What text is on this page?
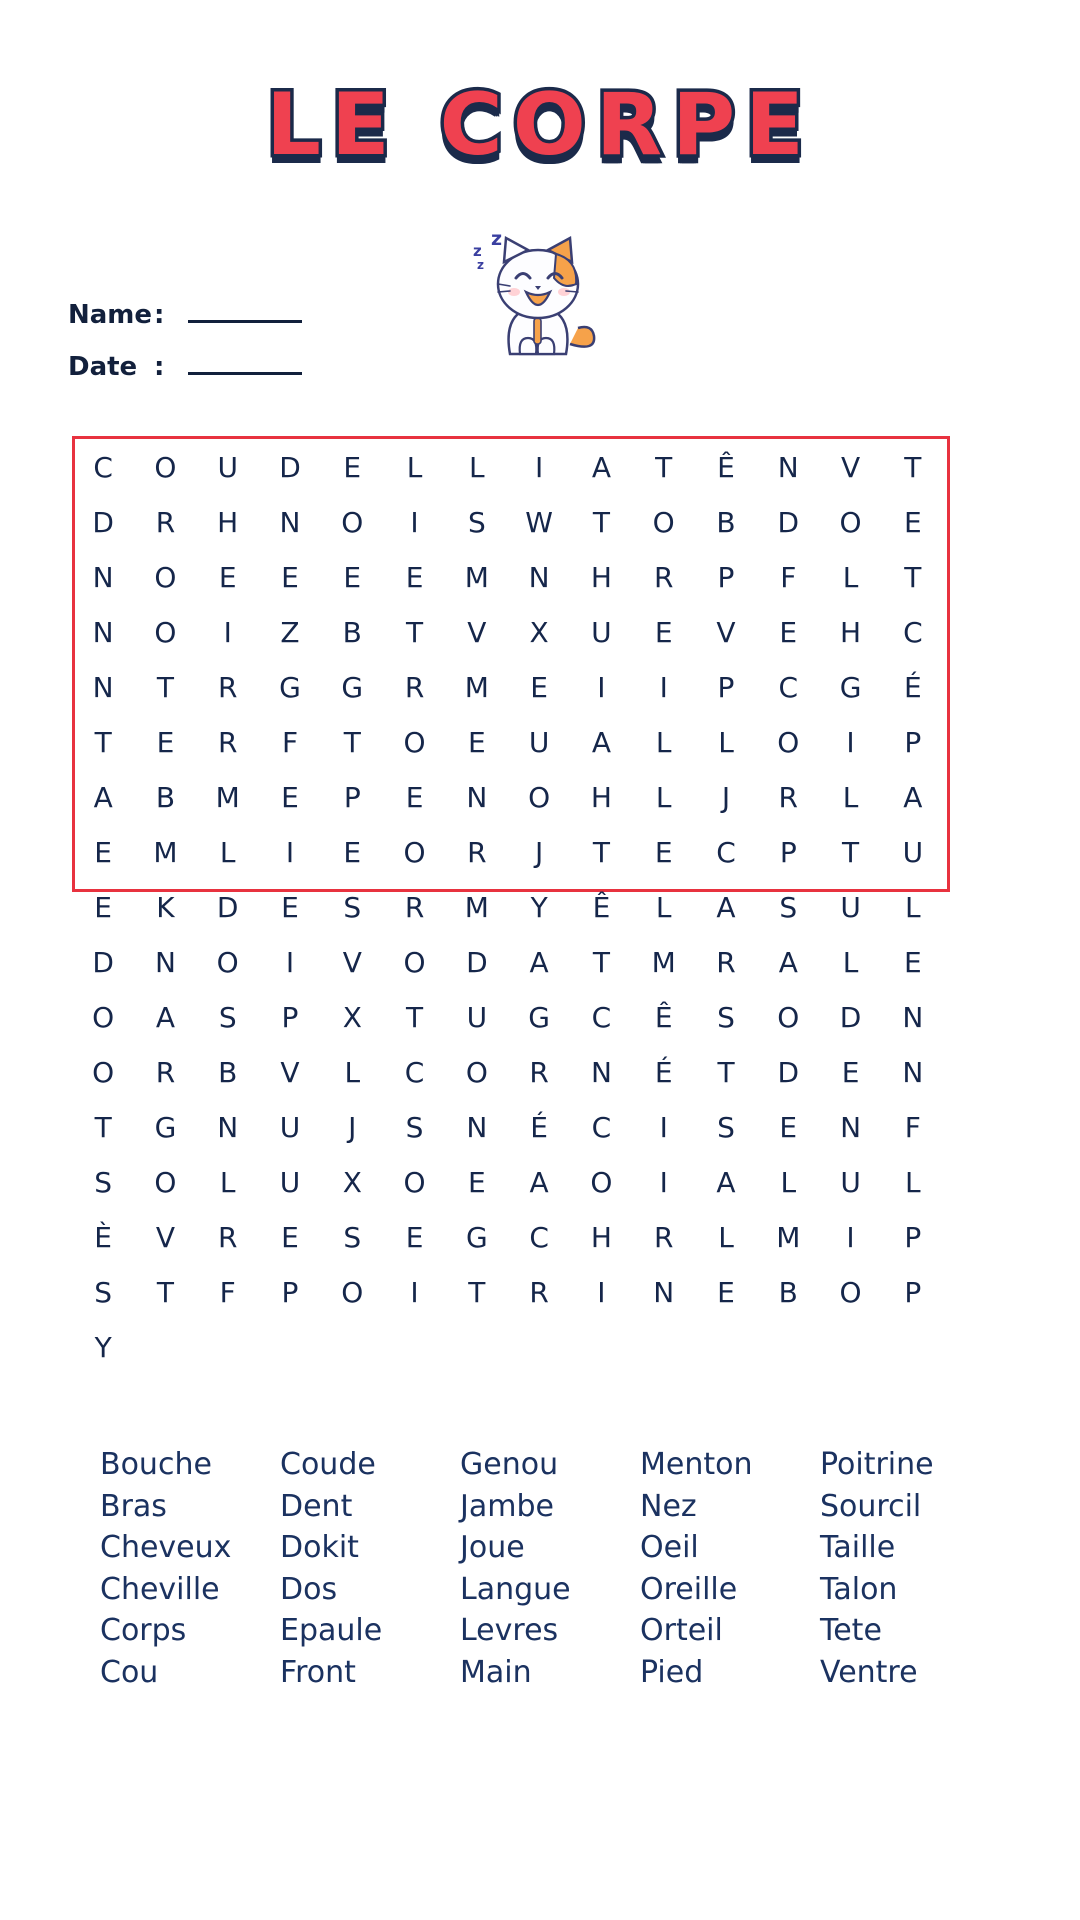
LE CORPE
Name :
Date :
z
z
z
C O U D E L L I A T Ê N V T
D R H N O I S W T O B D O E
N O E E E E M N H R P F L T
N O I Z B T V X U E V E H C
N T R G G R M E I I P C G É
T E R F T O E U A L L O I P
A B M E P E N O H L J R L A
E M L I E O R J T E C P T U
E K D E S R M Y Ê L A S U L
D N O I V O D A T M R A L E
O A S P X T U G C Ê S O D N
O R B V L C O R N É T D E N
T G N U J S N É C I S E N F
S O L U X O E A O I A L U L
È V R E S E G C H R L M I P
S T F P O I T R I N E B O P
Y
Bouche
Bras
Cheveux
Cheville
Corps
Cou
Coude
Dent
Dokit
Dos
Epaule
Front
Genou
Jambe
Joue
Langue
Levres
Main
Menton
Nez
Oeil
Oreille
Orteil
Pied
Poitrine
Sourcil
Taille
Talon
Tete
Ventre
